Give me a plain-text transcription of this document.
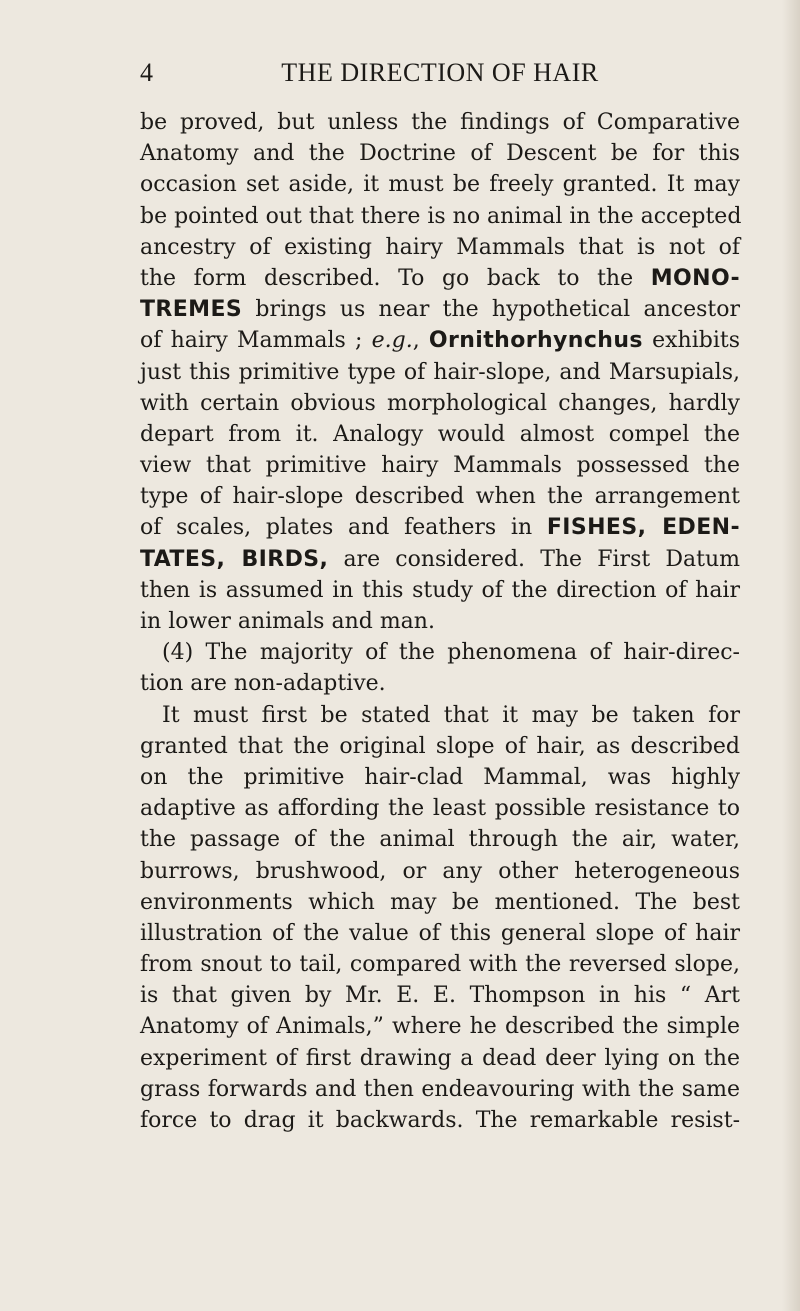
4	THE DIRECTION OF HAIR
be proved, but unless the findings of Comparative
Anatomy and the Doctrine of Descent be for this
occasion set aside, it must be freely granted. It may
be pointed out that there is no animal in the accepted
ancestry of existing hairy Mammals that is not of
the form described. To go back to the MONO-
TREMES brings us near the hypothetical ancestor
of hairy Mammals ; e.g., Ornithorhynchus exhibits
just this primitive type of hair-slope, and Marsupials,
with certain obvious morphological changes, hardly
depart from it. Analogy would almost compel the
view that primitive hairy Mammals possessed the
type of hair-slope described when the arrangement
of scales, plates and feathers in FISHES, EDEN-
TATES, BIRDS, are considered. The First Datum
then is assumed in this study of the direction of hair
in lower animals and man.
(4) The majority of the phenomena of hair-direc-
tion are non-adaptive.
It must first be stated that it may be taken for
granted that the original slope of hair, as described
on the primitive hair-clad Mammal, was highly
adaptive as affording the least possible resistance to
the passage of the animal through the air, water,
burrows, brushwood, or any other heterogeneous
environments which may be mentioned. The best
illustration of the value of this general slope of hair
from snout to tail, compared with the reversed slope,
is that given by Mr. E. E. Thompson in his “ Art
Anatomy of Animals,” where he described the simple
experiment of first drawing a dead deer lying on the
grass forwards and then endeavouring with the same
force to drag it backwards. The remarkable resist-
